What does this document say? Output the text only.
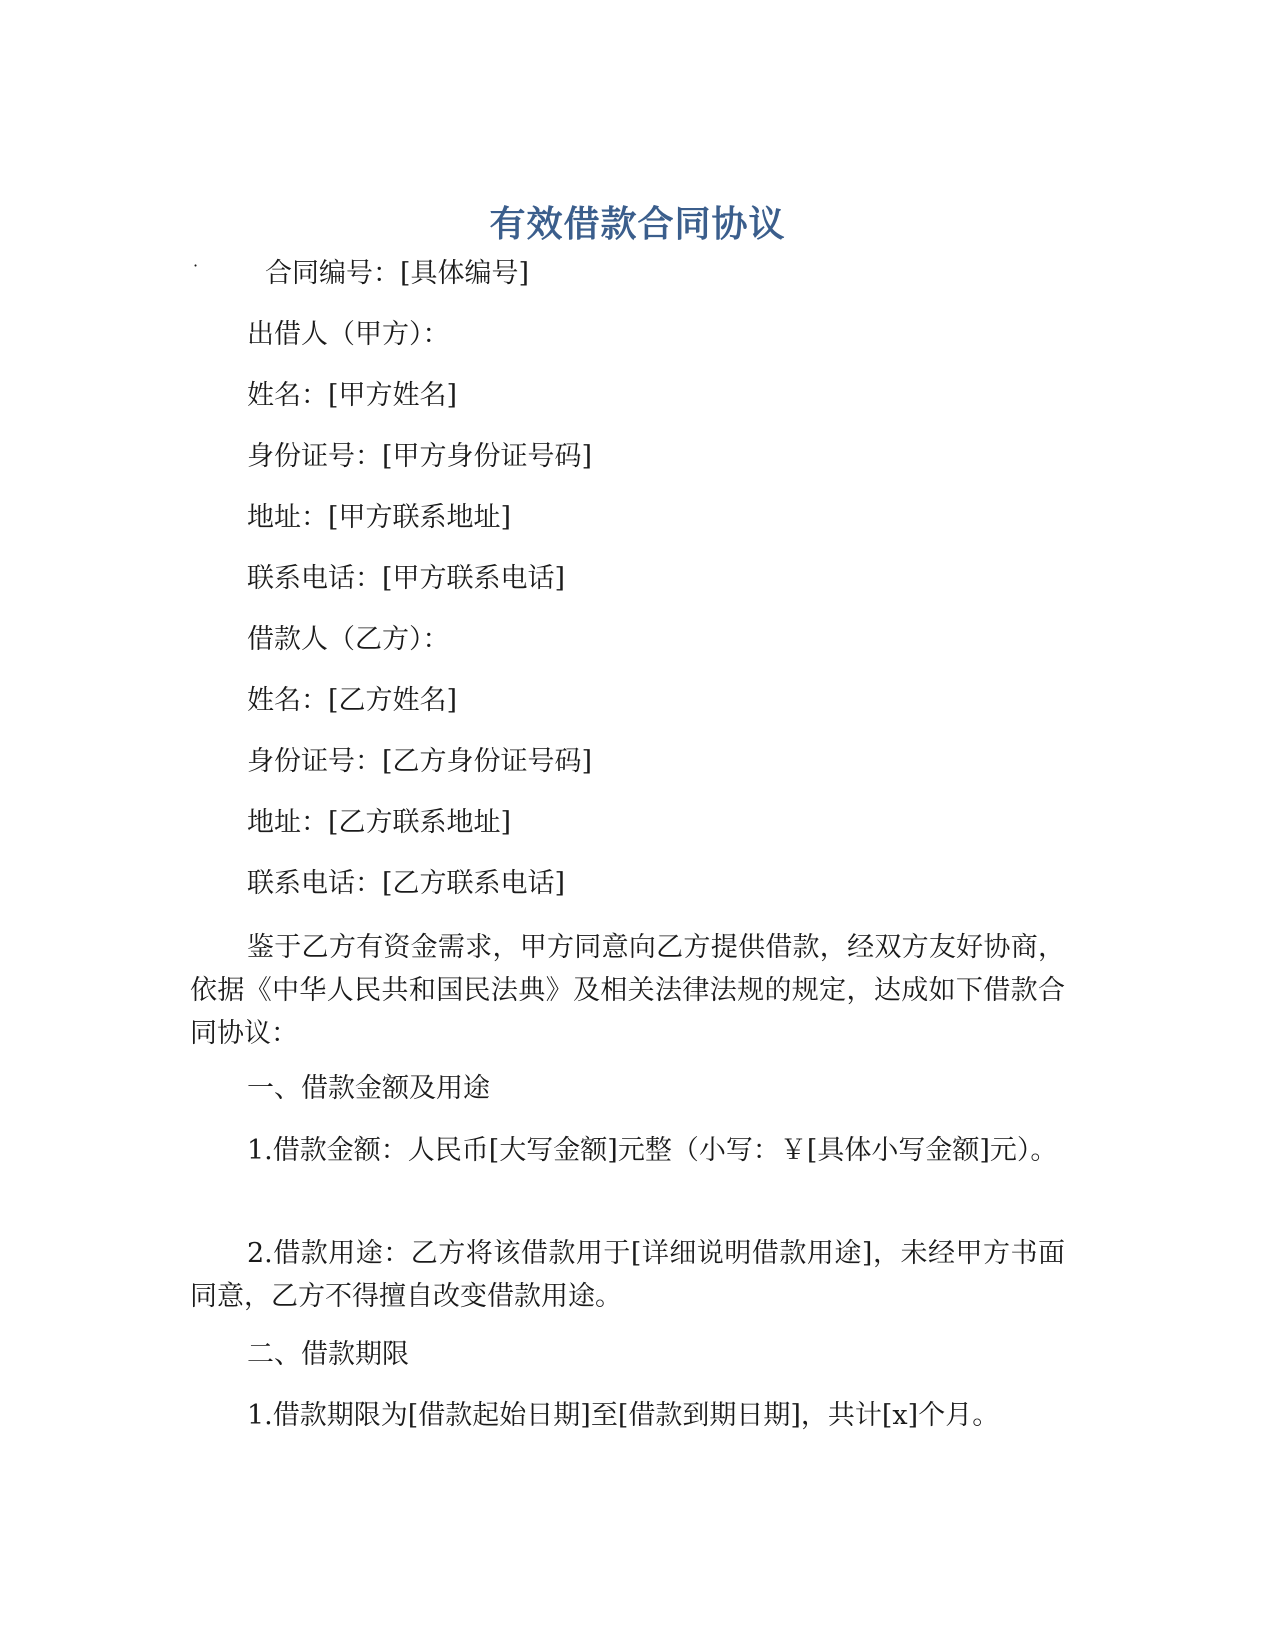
有效借款合同协议
· 合同编号：[具体编号]
出借人（甲方）：
姓名：[甲方姓名]
身份证号：[甲方身份证号码]
地址：[甲方联系地址]
联系电话：[甲方联系电话]
借款人（乙方）：
姓名：[乙方姓名]
身份证号：[乙方身份证号码]
地址：[乙方联系地址]
联系电话：[乙方联系电话]
鉴于乙方有资金需求，甲方同意向乙方提供借款，经双方友好协商，依据《中华人民共和国民法典》及相关法律法规的规定，达成如下借款合同协议：
一、借款金额及用途
1.借款金额：人民币[大写金额]元整（小写：￥[具体小写金额]元）。
2.借款用途：乙方将该借款用于[详细说明借款用途]，未经甲方书面同意，乙方不得擅自改变借款用途。
二、借款期限
1.借款期限为[借款起始日期]至[借款到期日期]，共计[x]个月。
